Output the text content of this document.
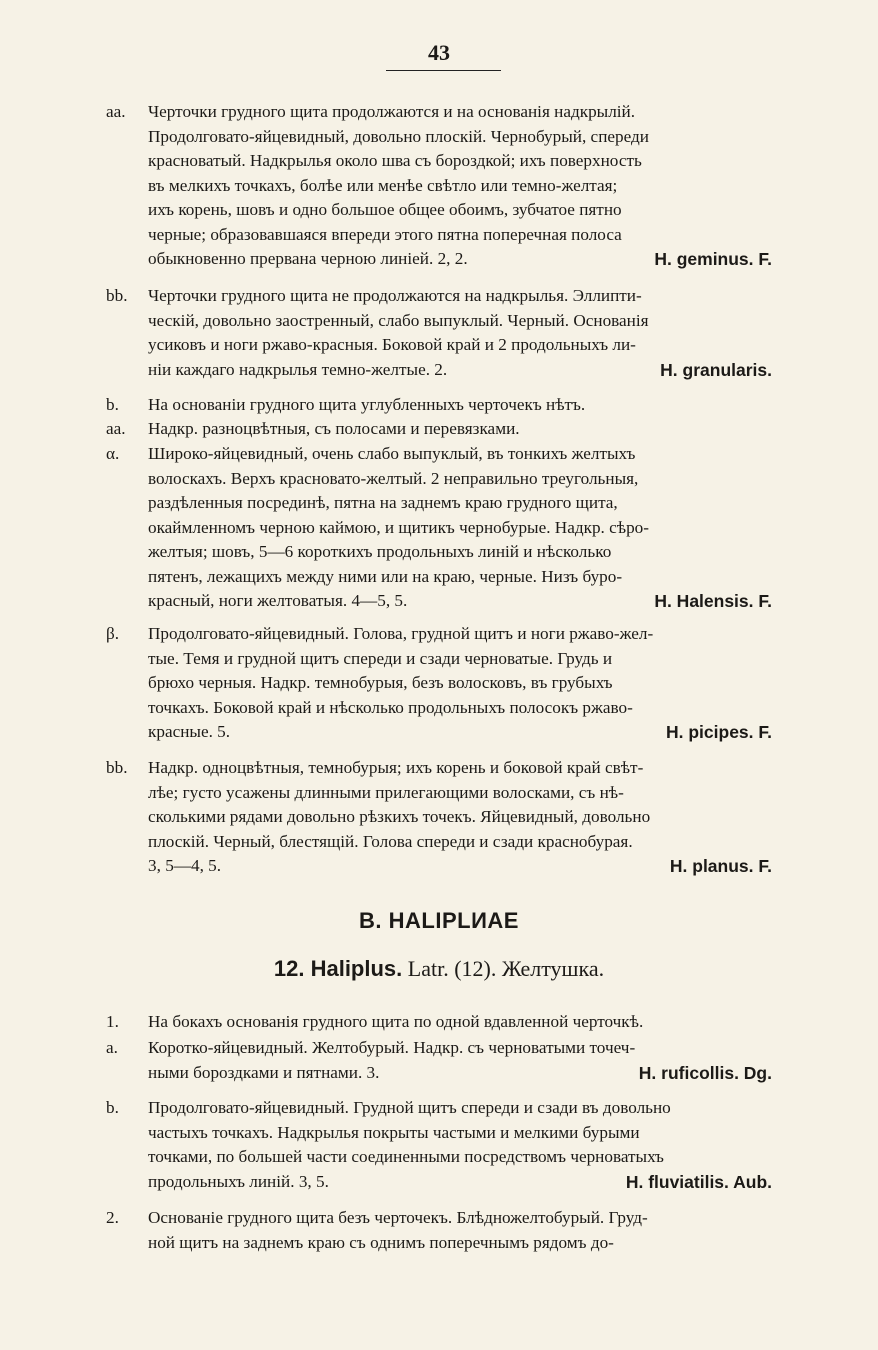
43
аа.	Черточки грудного щита продолжаются и на основанія надкрылій.
Продолговато-яйцевидный, довольно плоскій. Чернобурый, спереди
красноватый. Надкрылья около шва съ бороздкой; ихъ поверхность
въ мелкихъ точкахъ, болѣе или менѣе свѣтло или темно-желтая;
ихъ корень, шовъ и одно большое общее обоимъ, зубчатое пятно
черные; образовавшаяся впереди этого пятна поперечная полоса
обыкновенно прервана черною линіей. 2, 2.	H. geminus. F.
bb.	Черточки грудного щита не продолжаются на надкрылья. Эллипти-
ческій, довольно заостренный, слабо выпуклый. Черный. Основанія
усиковъ и ноги ржаво-красныя. Боковой край и 2 продольныхъ ли-
ніи каждаго надкрылья темно-желтые. 2.	H. granularis.
b.	На основаніи грудного щита углубленныхъ черточекъ нѣтъ.
аа.	Надкр. разноцвѣтныя, съ полосами и перевязками.
α.	Широко-яйцевидный, очень слабо выпуклый, въ тонкихъ желтыхъ
волоскахъ. Верхъ красновато-желтый. 2 неправильно треугольныя,
раздѣленныя посрединѣ, пятна на заднемъ краю грудного щита,
окаймленномъ черною каймою, и щитикъ чернобурые. Надкр. сѣро-
желтыя; шовъ, 5—6 короткихъ продольныхъ линій и нѣсколько
пятенъ, лежащихъ между ними или на краю, черные. Низъ буро-
красный, ноги желтоватыя. 4—5, 5.	H. Halensis. F.
β.	Продолговато-яйцевидный. Голова, грудной щитъ и ноги ржаво-жел-
тые. Темя и грудной щитъ спереди и сзади черноватые. Грудь и
брюхо черныя. Надкр. темнобурыя, безъ волосковъ, въ грубыхъ
точкахъ. Боковой край и нѣсколько продольныхъ полосокъ ржаво-
красные. 5.	H. picipes. F.
bb.	Надкр. одноцвѣтныя, темнобурыя; ихъ корень и боковой край свѣт-
лѣе; густо усажены длинными прилегающими волосками, съ нѣ-
сколькими рядами довольно рѣзкихъ точекъ. Яйцевидный, довольно
плоскій. Черный, блестящій. Голова спереди и сзади краснобурая.
3, 5—4, 5.	H. planus. F.
B. HALIPLИAE
12. Haliplus. Latr. (12). Желтушка.
1.	На бокахъ основанія грудного щита по одной вдавленной черточкѣ.
a.	Коротко-яйцевидный. Желтобурый. Надкр. съ черноватыми точеч-
ными бороздками и пятнами. 3.	H. ruficollis. Dg.
b.	Продолговато-яйцевидный. Грудной щитъ спереди и сзади въ довольно
частыхъ точкахъ. Надкрылья покрыты частыми и мелкими бурыми
точками, по большей части соединенными посредствомъ черноватыхъ
продольныхъ линій. 3, 5.	H. fluviatilis. Aub.
2.	Основаніе грудного щита безъ черточекъ. Блѣдножелтобурый. Груд-
ной щитъ на заднемъ краю съ однимъ поперечнымъ рядомъ до-
